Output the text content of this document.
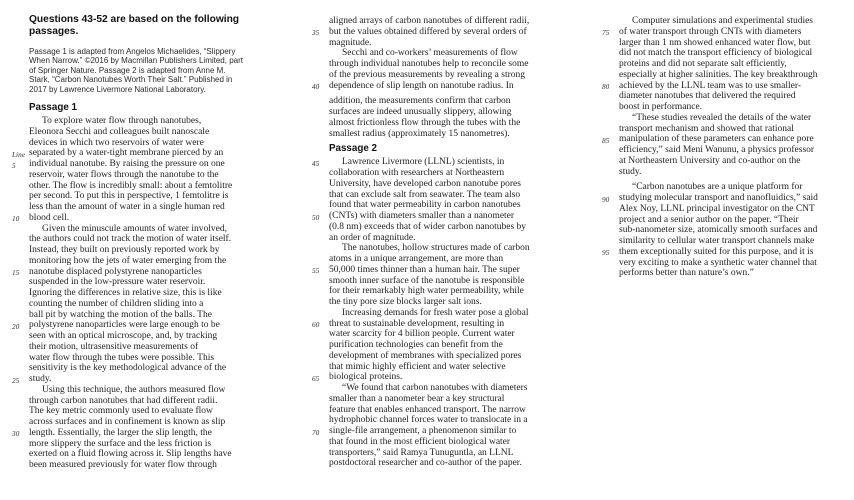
Questions 43-52 are based on the following passages.

Passage 1 is adapted from Angelos Michaelides, “Slippery When Narrow.” ©2016 by Macmillan Publishers Limited, part of Springer Nature. Passage 2 is adapted from Anne M. Stark, “Carbon Nanotubes Worth Their Salt.” Published in 2017 by Lawrence Livermore National Laboratory.

Passage 1
To explore water flow through nanotubes,
Eleonora Secchi and colleagues built nanoscale
devices in which two reservoirs of water were
Line separated by a water-tight membrane pierced by an
5	individual nanotube. By raising the pressure on one
reservoir, water flows through the nanotube to the
other. The flow is incredibly small: about a femtolitre
per second. To put this in perspective, 1 femtolitre is
less than the amount of water in a single human red
10	blood cell.
Given the minuscule amounts of water involved,
the authors could not track the motion of water itself.
Instead, they built on previously reported work by
monitoring how the jets of water emerging from the
15	nanotube displaced polystyrene nanoparticles
suspended in the low-pressure water reservoir.
Ignoring the differences in relative size, this is like
counting the number of children sliding into a
ball pit by watching the motion of the balls. The
20	polystyrene nanoparticles were large enough to be
seen with an optical microscope, and, by tracking
their motion, ultrasensitive measurements of
water flow through the tubes were possible. This
sensitivity is the key methodological advance of the
25	study.
Using this technique, the authors measured flow
through carbon nanotubes that had different radii.
The key metric commonly used to evaluate flow
across surfaces and in confinement is known as slip
30	length. Essentially, the larger the slip length, the
more slippery the surface and the less friction is
exerted on a fluid flowing across it. Slip lengths have
been measured previously for water flow through
aligned arrays of carbon nanotubes of different radii,
35	but the values obtained differed by several orders of
magnitude.
Secchi and co-workers’ measurements of flow
through individual nanotubes help to reconcile some
of the previous measurements by revealing a strong
40	dependence of slip length on nanotube radius. In
addition, the measurements confirm that carbon
surfaces are indeed unusually slippery, allowing
almost frictionless flow through the tubes with the
smallest radius (approximately 15 nanometres).
Passage 2
45	Lawrence Livermore (LLNL) scientists, in
collaboration with researchers at Northeastern
University, have developed carbon nanotube pores
that can exclude salt from seawater. The team also
found that water permeability in carbon nanotubes
50	(CNTs) with diameters smaller than a nanometer
(0.8 nm) exceeds that of wider carbon nanotubes by
an order of magnitude.
The nanotubes, hollow structures made of carbon
atoms in a unique arrangement, are more than
55	50,000 times thinner than a human hair. The super
smooth inner surface of the nanotube is responsible
for their remarkably high water permeability, while
the tiny pore size blocks larger salt ions.
Increasing demands for fresh water pose a global
60	threat to sustainable development, resulting in
water scarcity for 4 billion people. Current water
purification technologies can benefit from the
development of membranes with specialized pores
that mimic highly efficient and water selective
65	biological proteins.
“We found that carbon nanotubes with diameters
smaller than a nanometer bear a key structural
feature that enables enhanced transport. The narrow
hydrophobic channel forces water to translocate in a
70	single-file arrangement, a phenomenon similar to
that found in the most efficient biological water
transporters,” said Ramya Tunuguntla, an LLNL
postdoctoral researcher and co-author of the paper.
Computer simulations and experimental studies
75	of water transport through CNTs with diameters
larger than 1 nm showed enhanced water flow, but
did not match the transport efficiency of biological
proteins and did not separate salt efficiently,
especially at higher salinities. The key breakthrough
80	achieved by the LLNL team was to use smaller-
diameter nanotubes that delivered the required
boost in performance.
“These studies revealed the details of the water
transport mechanism and showed that rational
85	manipulation of these parameters can enhance pore
efficiency,” said Meni Wanunu, a physics professor
at Northeastern University and co-author on the
study.
“Carbon nanotubes are a unique platform for
90	studying molecular transport and nanofluidics,” said
Alex Noy, LLNL principal investigator on the CNT
project and a senior author on the paper. “Their
sub-nanometer size, atomically smooth surfaces and
similarity to cellular water transport channels make
95	them exceptionally suited for this purpose, and it is
very exciting to make a synthetic water channel that
performs better than nature’s own.”
